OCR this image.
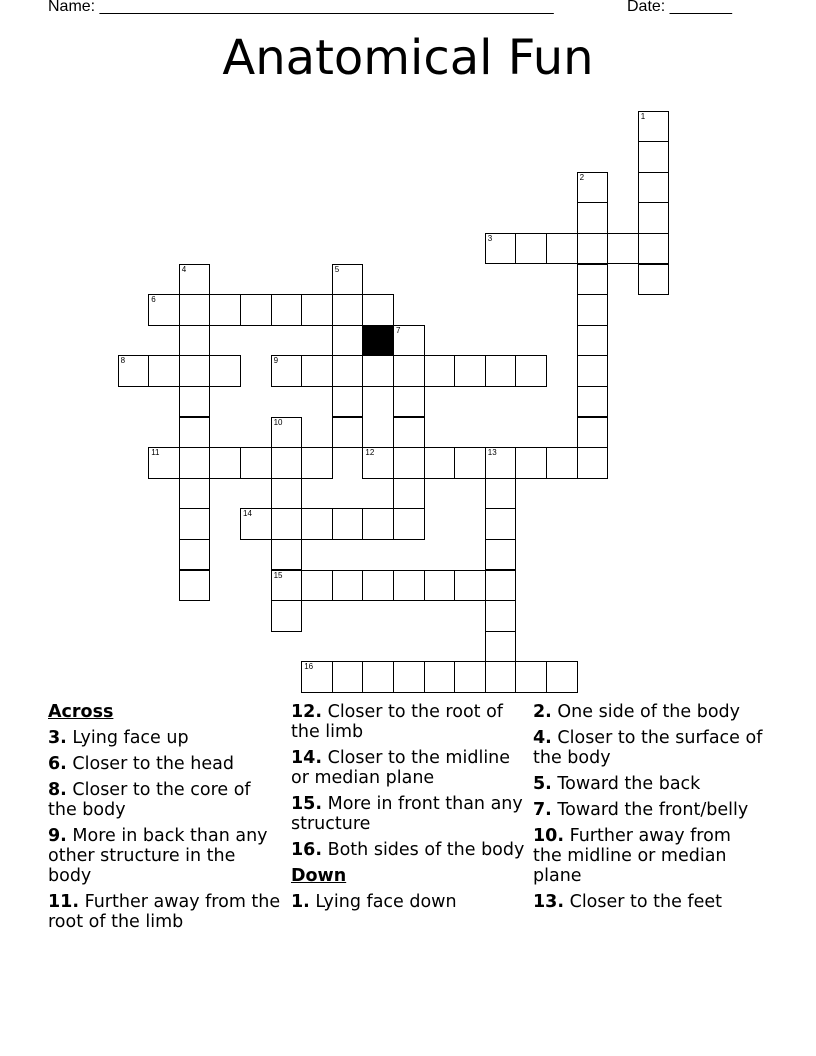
Name: ______________________________________________________	Date: _______
Anatomical Fun
3
6
8	9
11	12	13
14
15
16
1
2
4	5
7
10
Across
3. Lying face up
6. Closer to the head
8. Closer to the core of the body
9. More in back than any other structure in the body
11. Further away from the root of the limb
12. Closer to the root of the limb
14. Closer to the midline or median plane
15. More in front than any structure
16. Both sides of the body
Down
1. Lying face down
2. One side of the body
4. Closer to the surface of the body
5. Toward the back
7. Toward the front/belly
10. Further away from the midline or median plane
13. Closer to the feet
